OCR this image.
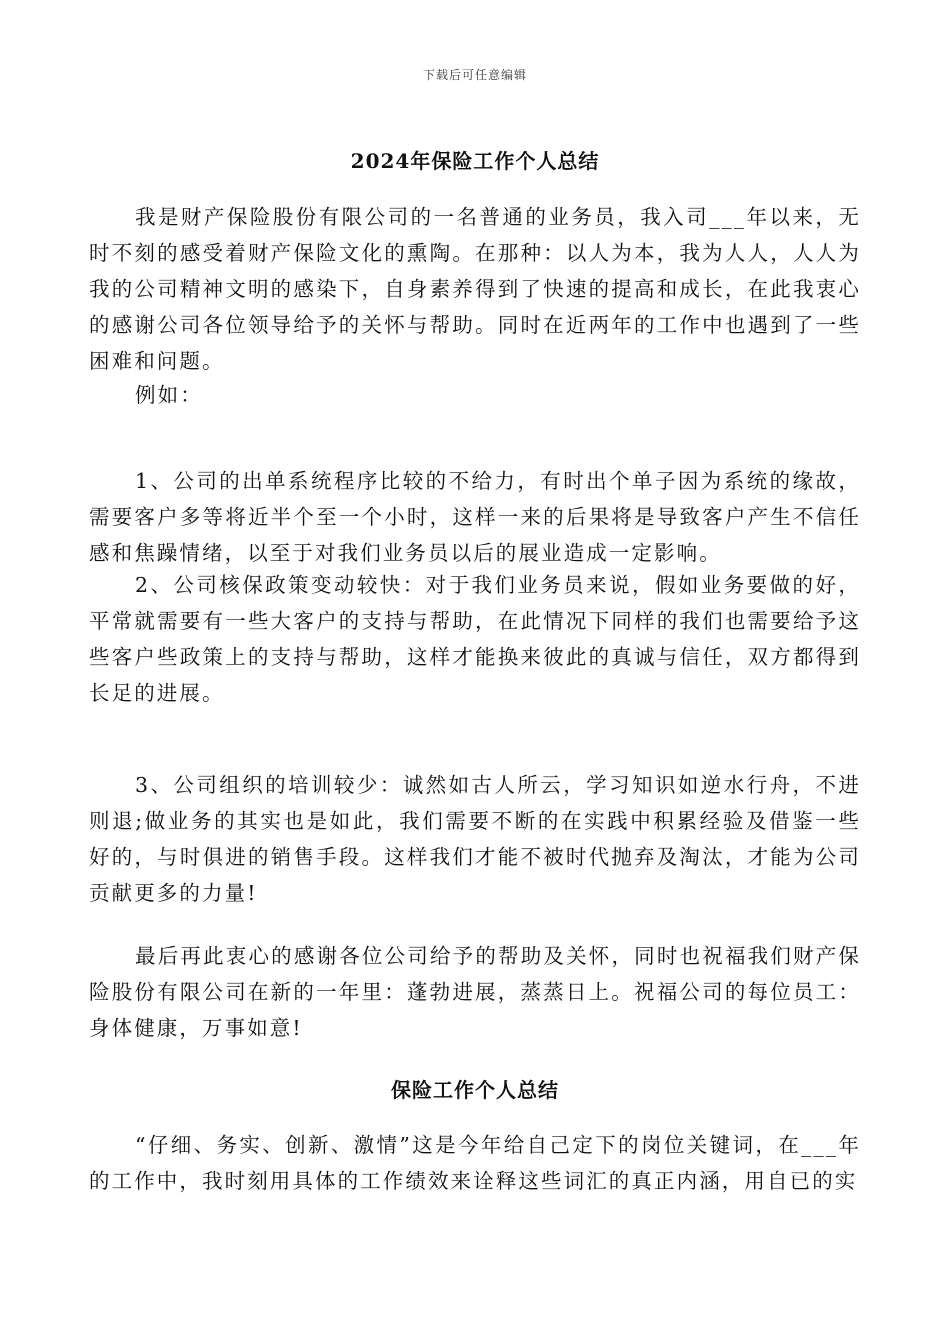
下载后可任意编辑
2024年保险工作个人总结

我是财产保险股份有限公司的一名普通的业务员，我入司___年以来，无时不刻的感受着财产保险文化的熏陶。在那种：以人为本，我为人人，人人为我的公司精神文明的感染下，自身素养得到了快速的提高和成长，在此我衷心的感谢公司各位领导给予的关怀与帮助。同时在近两年的工作中也遇到了一些困难和问题。

例如：

1、公司的出单系统程序比较的不给力，有时出个单子因为系统的缘故，需要客户多等将近半个至一个小时，这样一来的后果将是导致客户产生不信任感和焦躁情绪，以至于对我们业务员以后的展业造成一定影响。

2、公司核保政策变动较快：对于我们业务员来说，假如业务要做的好，平常就需要有一些大客户的支持与帮助，在此情况下同样的我们也需要给予这些客户些政策上的支持与帮助，这样才能换来彼此的真诚与信任，双方都得到长足的进展。

3、公司组织的培训较少：诚然如古人所云，学习知识如逆水行舟，不进则退;做业务的其实也是如此，我们需要不断的在实践中积累经验及借鉴一些好的，与时俱进的销售手段。这样我们才能不被时代抛弃及淘汰，才能为公司贡献更多的力量!

最后再此衷心的感谢各位公司给予的帮助及关怀，同时也祝福我们财产保险股份有限公司在新的一年里：蓬勃进展，蒸蒸日上。祝福公司的每位员工：身体健康，万事如意!

保险工作个人总结

“仔细、务实、创新、激情”这是今年给自己定下的岗位关键词，在___年的工作中，我时刻用具体的工作绩效来诠释这些词汇的真正内涵，用自已的实
